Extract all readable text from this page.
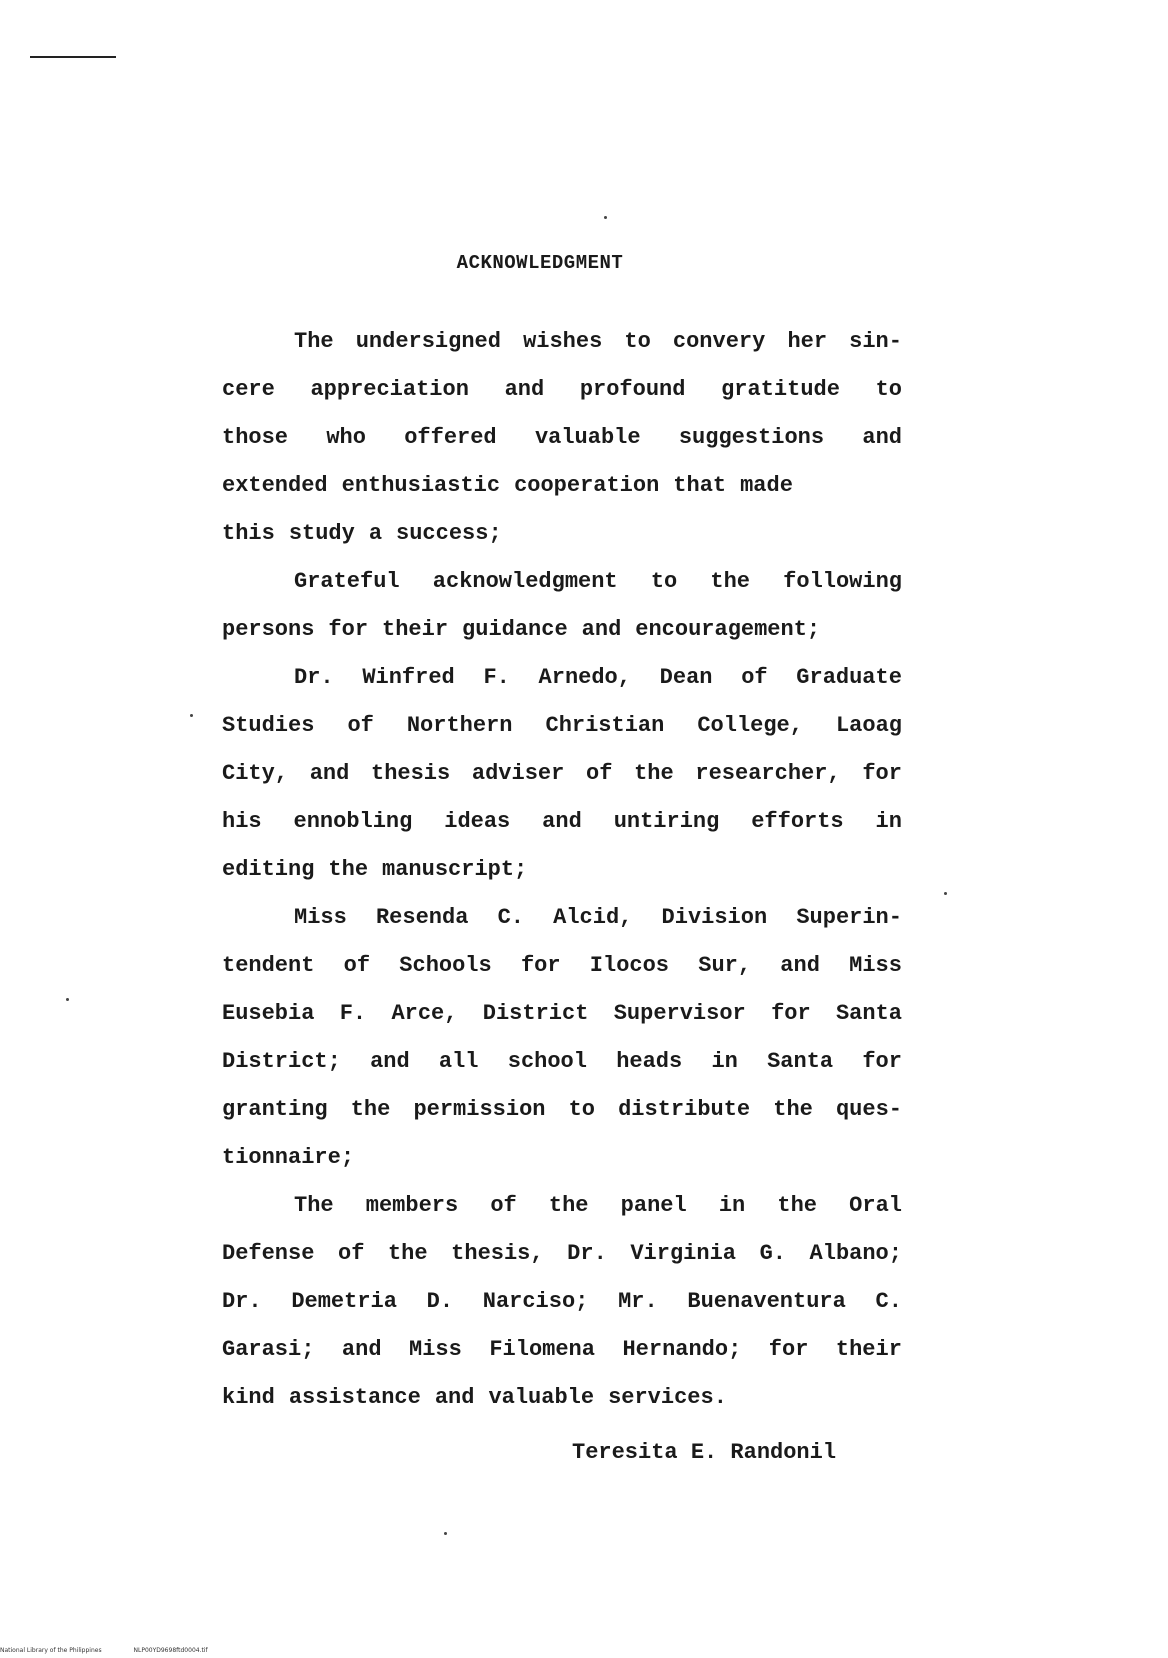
ACKNOWLEDGMENT
The undersigned wishes to convery her sin-
cere appreciation and profound gratitude to
those who offered valuable suggestions and
extended enthusiastic cooperation that made
this study a success;
Grateful acknowledgment to the following
persons for their guidance and encouragement;
Dr. Winfred F. Arnedo, Dean of Graduate
Studies of Northern Christian College, Laoag
City, and thesis adviser of the researcher, for
his ennobling ideas and untiring efforts in
editing the manuscript;
Miss Resenda C. Alcid, Division Superin-
tendent of Schools for Ilocos Sur, and Miss
Eusebia F. Arce, District Supervisor for Santa
District; and all school heads in Santa for
granting the permission to distribute the ques-
tionnaire;
The members of the panel in the Oral
Defense of the thesis, Dr. Virginia G. Albano;
Dr. Demetria D. Narciso; Mr. Buenaventura C.
Garasi; and Miss Filomena Hernando; for their
kind assistance and valuable services.
Teresita E. Randonil
National Library of the Philippines	NLP00YD9698ftd0004.tif
